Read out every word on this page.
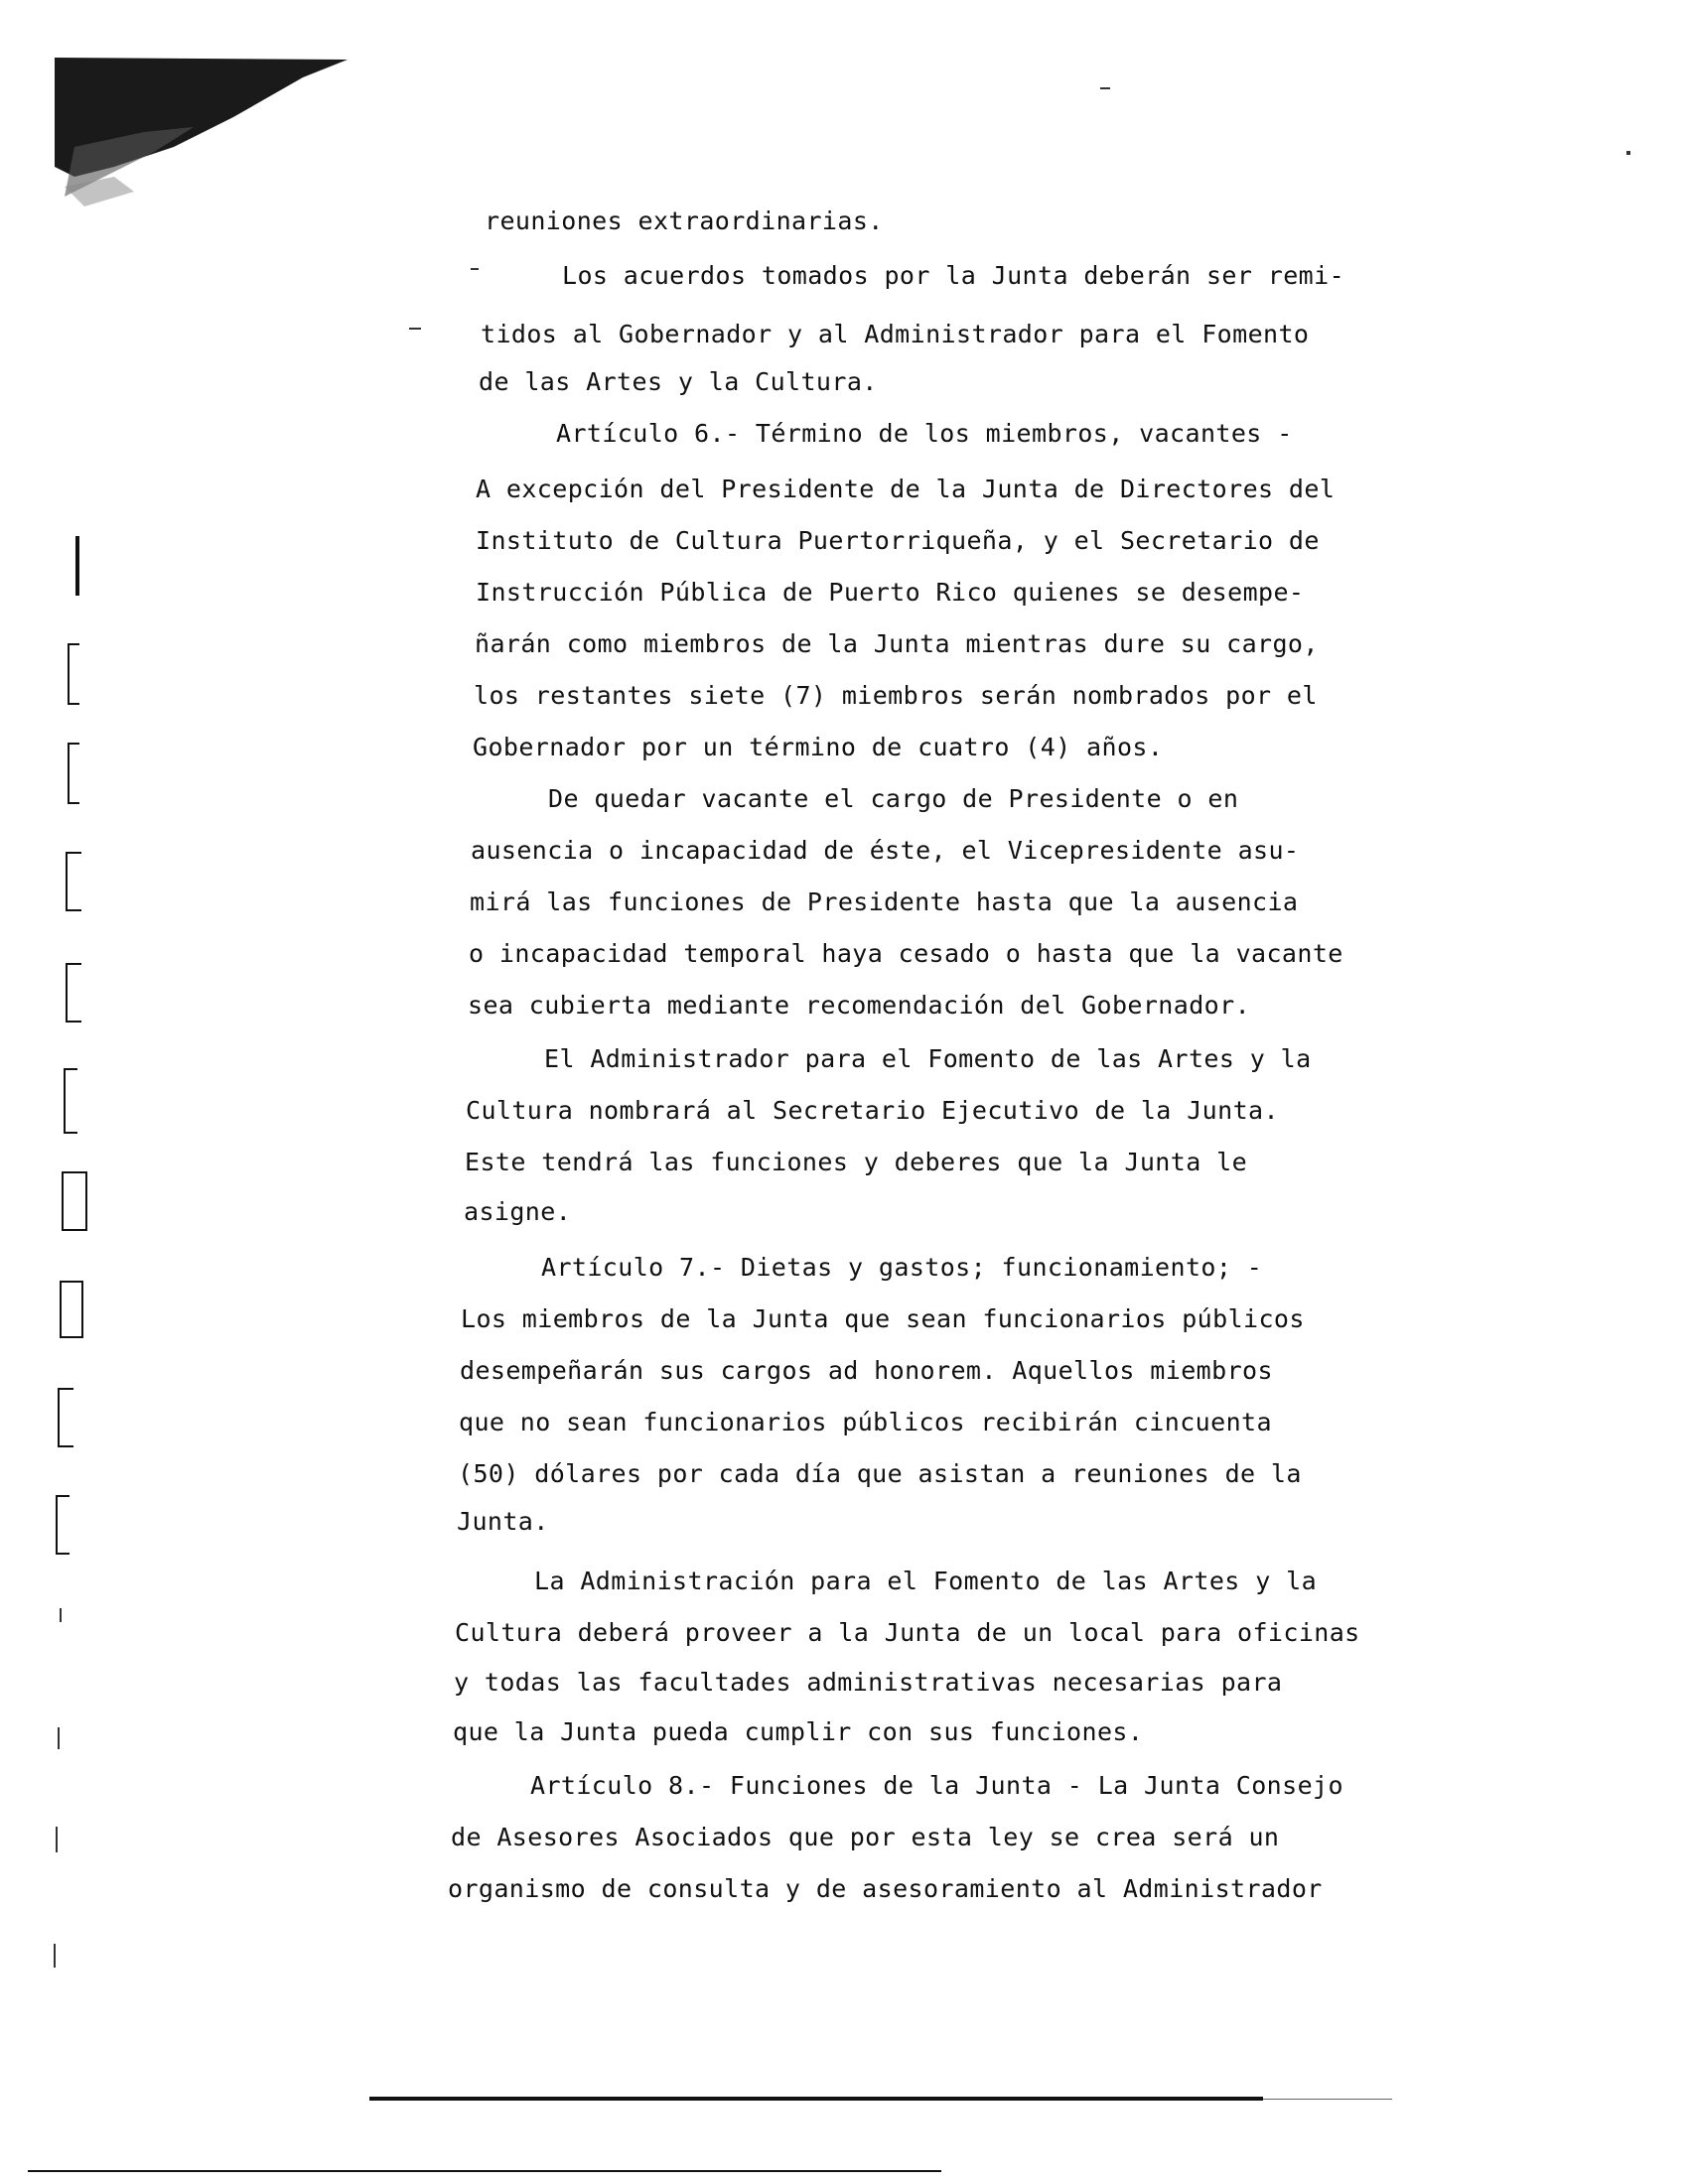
reuniones extraordinarias.
Los acuerdos tomados por la Junta deberán ser remi-
tidos al Gobernador y al Administrador para el Fomento
de las Artes y la Cultura.
Artículo 6.- Término de los miembros, vacantes -
A excepción del Presidente de la Junta de Directores del
Instituto de Cultura Puertorriqueña, y el Secretario de
Instrucción Pública de Puerto Rico quienes se desempe-
ñarán como miembros de la Junta mientras dure su cargo,
los restantes siete (7) miembros serán nombrados por el
Gobernador por un término de cuatro (4) años.
De quedar vacante el cargo de Presidente o en
ausencia o incapacidad de éste, el Vicepresidente asu-
mirá las funciones de Presidente hasta que la ausencia
o incapacidad temporal haya cesado o hasta que la vacante
sea cubierta mediante recomendación del Gobernador.
El Administrador para el Fomento de las Artes y la
Cultura nombrará al Secretario Ejecutivo de la Junta.
Este tendrá las funciones y deberes que la Junta le
asigne.
Artículo 7.- Dietas y gastos; funcionamiento; -
Los miembros de la Junta que sean funcionarios públicos
desempeñarán sus cargos ad honorem. Aquellos miembros
que no sean funcionarios públicos recibirán cincuenta
(50) dólares por cada día que asistan a reuniones de la
Junta.
La Administración para el Fomento de las Artes y la
Cultura deberá proveer a la Junta de un local para oficinas
y todas las facultades administrativas necesarias para
que la Junta pueda cumplir con sus funciones.
Artículo 8.- Funciones de la Junta - La Junta Consejo
de Asesores Asociados que por esta ley se crea será un
organismo de consulta y de asesoramiento al Administrador
